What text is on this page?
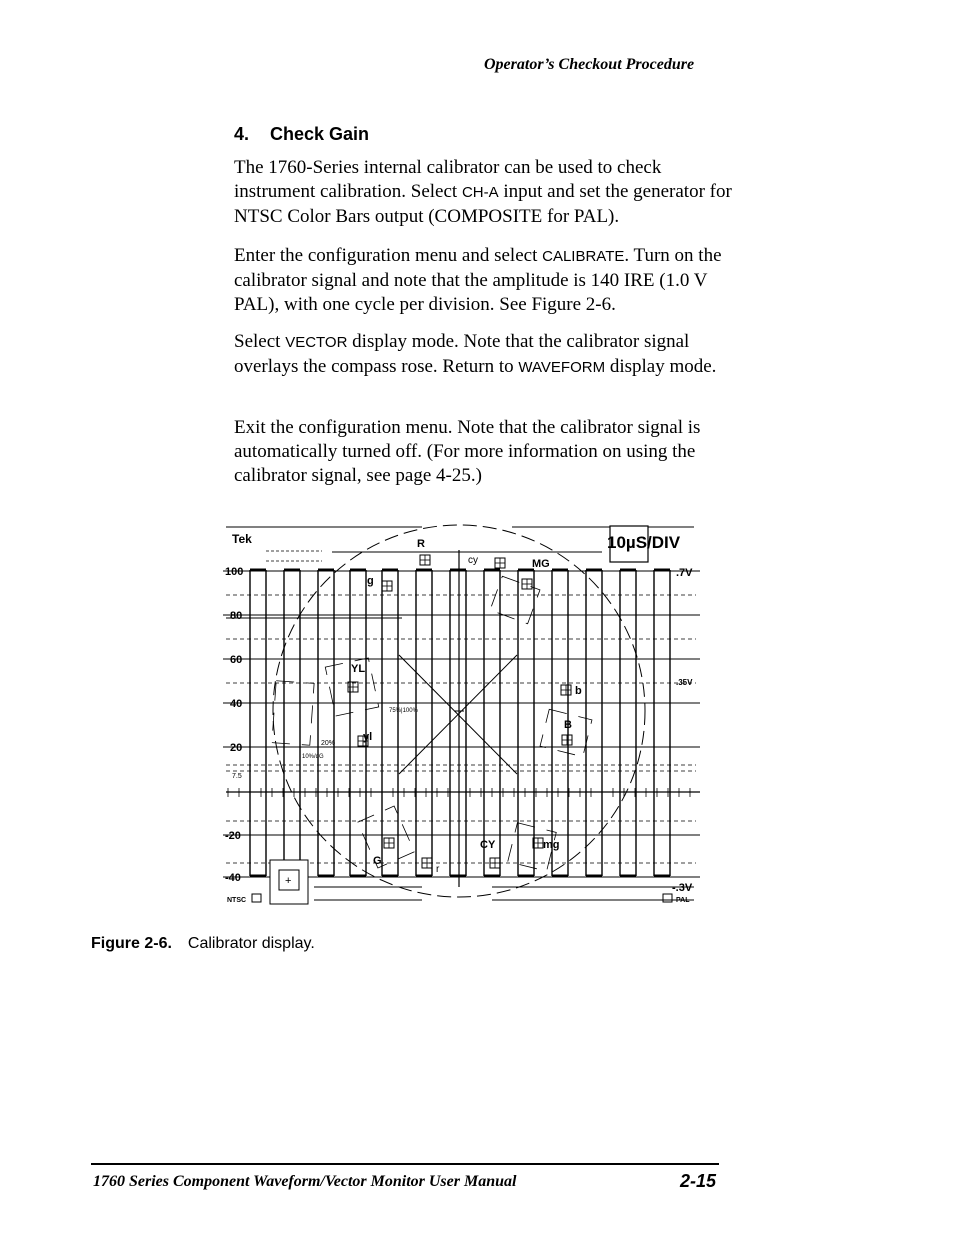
Operator’s Checkout Procedure
4. Check Gain

The 1760-Series internal calibrator can be used to check instrument calibration. Select CH-A input and set the generator for NTSC Color Bars output (COMPOSITE for PAL).

Enter the configuration menu and select CALIBRATE. Turn on the calibrator signal and note that the amplitude is 140 IRE (1.0 V PAL), with one cycle per division. See Figure 2-6.

Select VECTOR display mode. Note that the calibrator signal overlays the compass rose. Return to WAVEFORM display mode.

Exit the configuration menu. Note that the calibrator signal is automatically turned off. (For more information on using the calibrator signal, see page 4-25.)

Tek	10µS/DIV
100
80
60
40
20
7.5
-20
-40
.7V
.35V
-.3V
NTSC	PAL
+
R
g
cy	MG
YL
yl
b
B
G
r
CY	mg
75%|100%
20%
10%/dG
Figure 2-6. Calibrator display.
1760 Series Component Waveform/Vector Monitor User Manual	2-15
